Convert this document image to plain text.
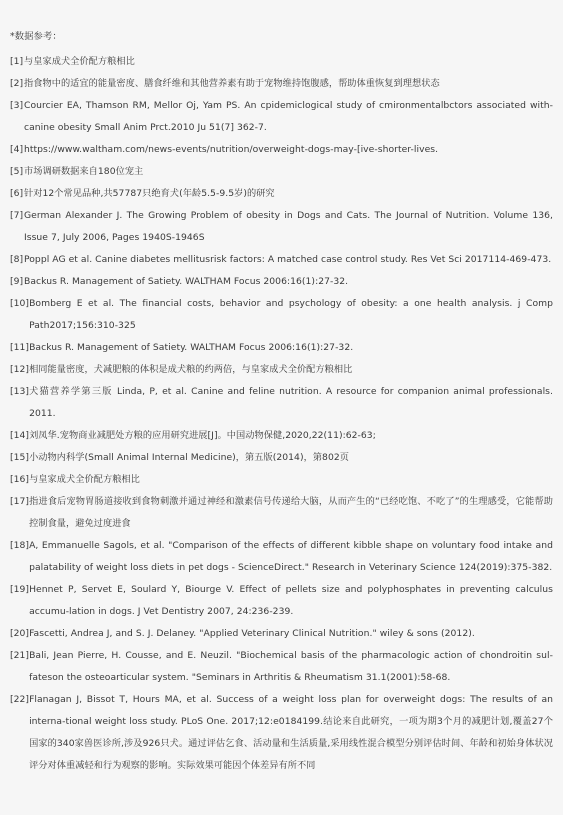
*数据参考：
[1] 与皇家成犬全价配方粮相比
[2] 指食物中的适宜的能量密度、膳食纤维和其他营养素有助于宠物维持饱腹感，帮助体重恢复到理想状态
[3] Courcier EA, Thamson RM, Mellor Oj, Yam PS. An cpidemiclogical study of cmironmentalbctors associated with-canine obesity Small Anim Prct.2010 Ju 51(7] 362-7.
[4] https://www.waltham.com/news-events/nutrition/overweight-dogs-may-[ive-shorter-lives.
[5] 市场调研数据来自180位宠主
[6] 针对12个常见品种,共57787只绝育犬(年龄5.5-9.5岁)的研究
[7] German Alexander J. The Growing Problem of obesity in Dogs and Cats. The Journal of Nutrition. Volume 136, Issue 7, July 2006, Pages 1940S-1946S
[8] Poppl AG et al. Canine diabetes mellitusrisk factors: A matched case control study. Res Vet Sci 2017114-469-473.
[9] Backus R. Management of Satiety. WALTHAM Focus 2006:16(1):27-32.
[10] Bomberg E et al. The financial costs, behavior and psychology of obesity: a one health analysis. j Comp Path2017;156:310-325
[11] Backus R. Management of Satiety. WALTHAM Focus 2006:16(1):27-32.
[12] 相同能量密度，犬减肥粮的体积是成犬粮的约两倍，与皇家成犬全价配方粮相比
[13] 犬猫营养学第三版 Linda, P, et al. Canine and feline nutrition. A resource for companion animal professionals. 2011.
[14] 刘凤华.宠物商业减肥处方粮的应用研究进展[J]。中国动物保健,2020,22(11):62-63;
[15] 小动物内科学(Small Animal Internal Medicine)，第五版(2014)，第802页
[16] 与皇家成犬全价配方粮相比
[17] 指进食后宠物胃肠道接收到食物刺激并通过神经和激素信号传递给大脑，从而产生的“已经吃饱、不吃了”的生理感受，它能帮助控制食量，避免过度进食
[18] A, Emmanuelle Sagols, et al. "Comparison of the effects of different kibble shape on voluntary food intake and palatability of weight loss diets in pet dogs - ScienceDirect." Research in Veterinary Science 124(2019):375-382.
[19] Hennet P, Servet E, Soulard Y, Biourge V. Effect of pellets size and polyphosphates in preventing calculus accumu-lation in dogs. J Vet Dentistry 2007, 24:236-239.
[20] Fascetti, Andrea J, and S. J. Delaney. "Applied Veterinary Clinical Nutrition." wiley & sons (2012).
[21] Bali, Jean Pierre, H. Cousse, and E. Neuzil. "Biochemical basis of the pharmacologic action of chondroitin sul-fateson the osteoarticular system. "Seminars in Arthritis & Rheumatism 31.1(2001):58-68.
[22] Flanagan J, Bissot T, Hours MA, et al. Success of a weight loss plan for overweight dogs: The results of an interna-tional weight loss study. PLoS One. 2017;12:e0184199.结论来自此研究，一项为期3个月的减肥计划,覆盖27个国家的340家兽医诊所,涉及926只犬。通过评估乞食、活动量和生活质量,采用线性混合模型分别评估时间、年龄和初始身体状况评分对体重减轻和行为观察的影响。实际效果可能因个体差异有所不同
